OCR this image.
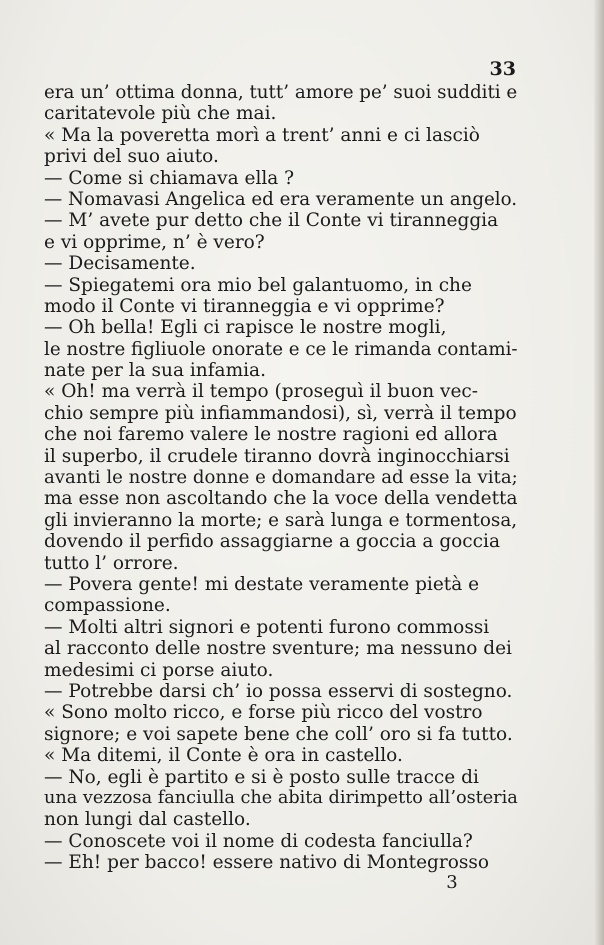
33
era un’ ottima donna, tutt’ amore pe’ suoi sudditi e
caritatevole più che mai.
« Ma la poveretta morì a trent’ anni e ci lasciò
privi del suo aiuto.
— Come si chiamava ella ?
— Nomavasi Angelica ed era veramente un angelo.
— M’ avete pur detto che il Conte vi tiranneggia
e vi opprime, n’ è vero?
— Decisamente.
— Spiegatemi ora mio bel galantuomo, in che
modo il Conte vi tiranneggia e vi opprime?
— Oh bella! Egli ci rapisce le nostre mogli,
le nostre figliuole onorate e ce le rimanda contami-
nate per la sua infamia.
« Oh! ma verrà il tempo (proseguì il buon vec-
chio sempre più infiammandosi), sì, verrà il tempo
che noi faremo valere le nostre ragioni ed allora
il superbo, il crudele tiranno dovrà inginocchiarsi
avanti le nostre donne e domandare ad esse la vita;
ma esse non ascoltando che la voce della vendetta
gli invieranno la morte; e sarà lunga e tormentosa,
dovendo il perfido assaggiarne a goccia a goccia
tutto l’ orrore.
— Povera gente! mi destate veramente pietà e
compassione.
— Molti altri signori e potenti furono commossi
al racconto delle nostre sventure; ma nessuno dei
medesimi ci porse aiuto.
— Potrebbe darsi ch’ io possa esservi di sostegno.
« Sono molto ricco, e forse più ricco del vostro
signore; e voi sapete bene che coll’ oro si fa tutto.
« Ma ditemi, il Conte è ora in castello.
— No, egli è partito e si è posto sulle tracce di
una vezzosa fanciulla che abita dirimpetto all’osteria
non lungi dal castello.
— Conoscete voi il nome di codesta fanciulla?
— Eh! per bacco! essere nativo di Montegrosso
3
